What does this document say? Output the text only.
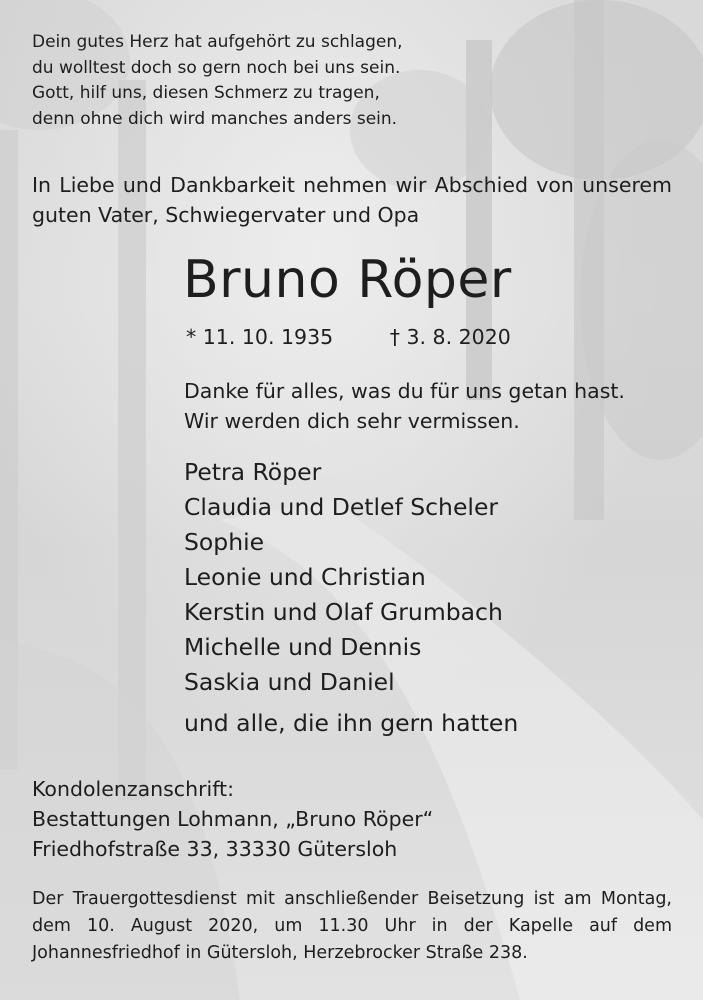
Dein gutes Herz hat aufgehört zu schlagen,
du wolltest doch so gern noch bei uns sein.
Gott, hilf uns, diesen Schmerz zu tragen,
denn ohne dich wird manches anders sein.
In Liebe und Dankbarkeit nehmen wir Abschied von unserem guten Vater, Schwiegervater und Opa
Bruno Röper
* 11. 10. 1935	† 3. 8. 2020
Danke für alles, was du für uns getan hast.
Wir werden dich sehr vermissen.
Petra Röper
Claudia und Detlef Scheler
Sophie
Leonie und Christian
Kerstin und Olaf Grumbach
Michelle und Dennis
Saskia und Daniel
und alle, die ihn gern hatten
Kondolenzanschrift:
Bestattungen Lohmann, „Bruno Röper“
Friedhofstraße 33, 33330 Gütersloh
Der Trauergottesdienst mit anschließender Beisetzung ist am Montag, dem 10. August 2020, um 11.30 Uhr in der Kapelle auf dem Johannesfriedhof in Gütersloh, Herzebrocker Straße 238.
